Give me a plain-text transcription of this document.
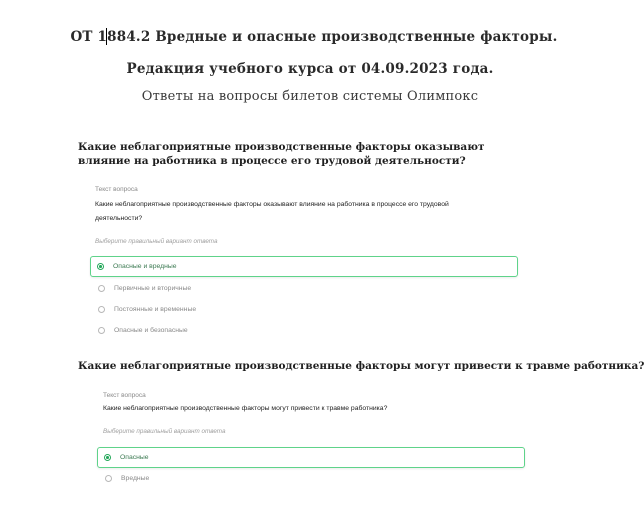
ОТ 1884.2 Вредные и опасные производственные факторы.
Редакция учебного курса от 04.09.2023 года.
Ответы на вопросы билетов системы Олимпокс
Какие неблагоприятные производственные факторы оказывают влияние на работника в процессе его трудовой деятельности?
Текст вопроса
Какие неблагоприятные производственные факторы оказывают влияние на работника в процессе его трудовой деятельности?
Выберите правильный вариант ответа
Опасные и вредные
Первичные и вторичные
Постоянные и временные
Опасные и безопасные
Какие неблагоприятные производственные факторы могут привести к травме работника?
Текст вопроса
Какие неблагоприятные производственные факторы могут привести к травме работника?
Выберите правильный вариант ответа
Опасные
Вредные
